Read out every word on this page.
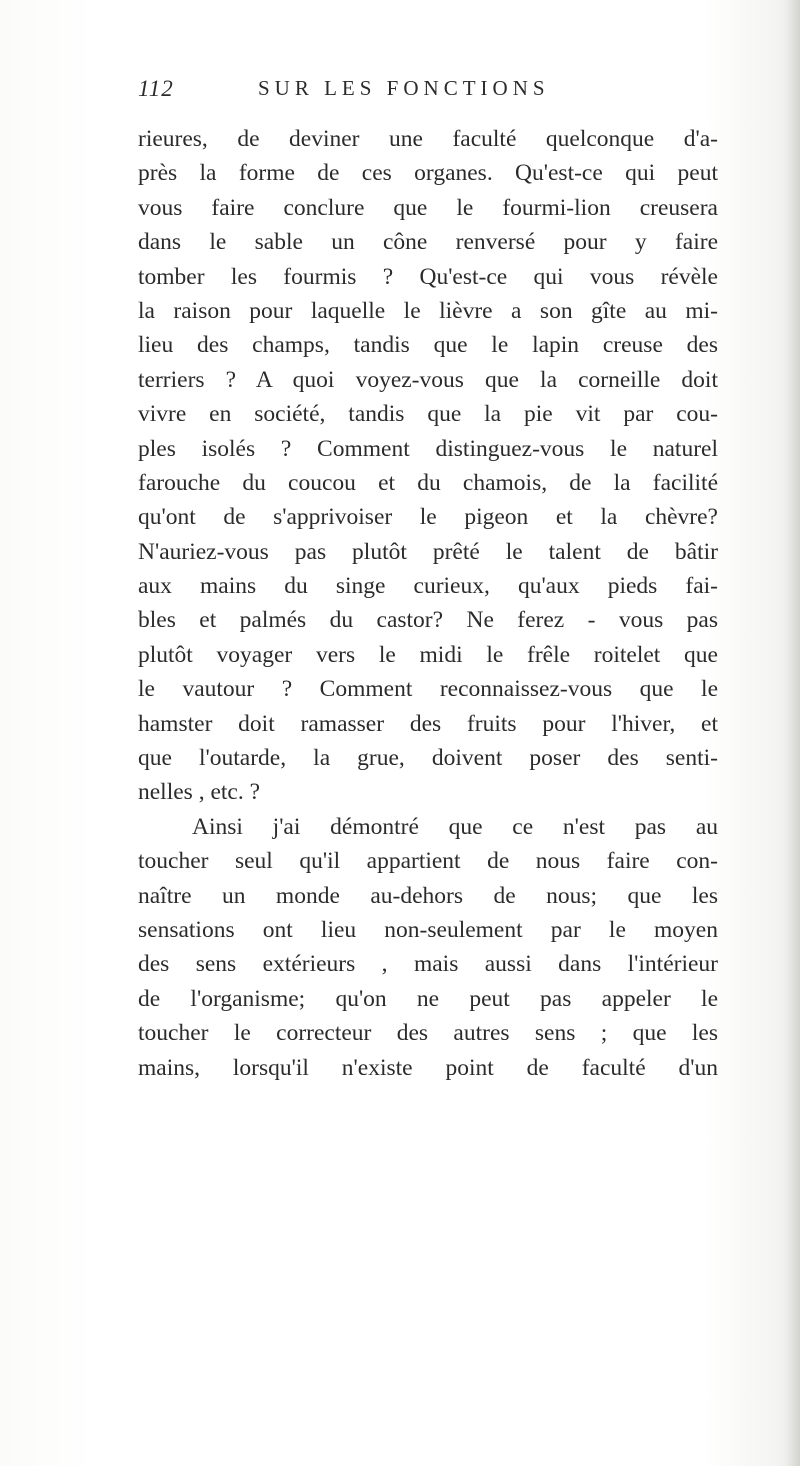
112	SUR LES FONCTIONS
rieures, de deviner une faculté quelconque d'a-
près la forme de ces organes. Qu'est-ce qui peut
vous faire conclure que le fourmi-lion creusera
dans le sable un cône renversé pour y faire
tomber les fourmis ? Qu'est-ce qui vous révèle
la raison pour laquelle le lièvre a son gîte au mi-
lieu des champs, tandis que le lapin creuse des
terriers ? A quoi voyez-vous que la corneille doit
vivre en société, tandis que la pie vit par cou-
ples isolés ? Comment distinguez-vous le naturel
farouche du coucou et du chamois, de la facilité
qu'ont de s'apprivoiser le pigeon et la chèvre?
N'auriez-vous pas plutôt prêté le talent de bâtir
aux mains du singe curieux, qu'aux pieds fai-
bles et palmés du castor? Ne ferez - vous pas
plutôt voyager vers le midi le frêle roitelet que
le vautour ? Comment reconnaissez-vous que le
hamster doit ramasser des fruits pour l'hiver, et
que l'outarde, la grue, doivent poser des senti-
nelles , etc. ?
Ainsi j'ai démontré que ce n'est pas au
toucher seul qu'il appartient de nous faire con-
naître un monde au-dehors de nous; que les
sensations ont lieu non-seulement par le moyen
des sens extérieurs , mais aussi dans l'intérieur
de l'organisme; qu'on ne peut pas appeler le
toucher le correcteur des autres sens ; que les
mains, lorsqu'il n'existe point de faculté d'un
